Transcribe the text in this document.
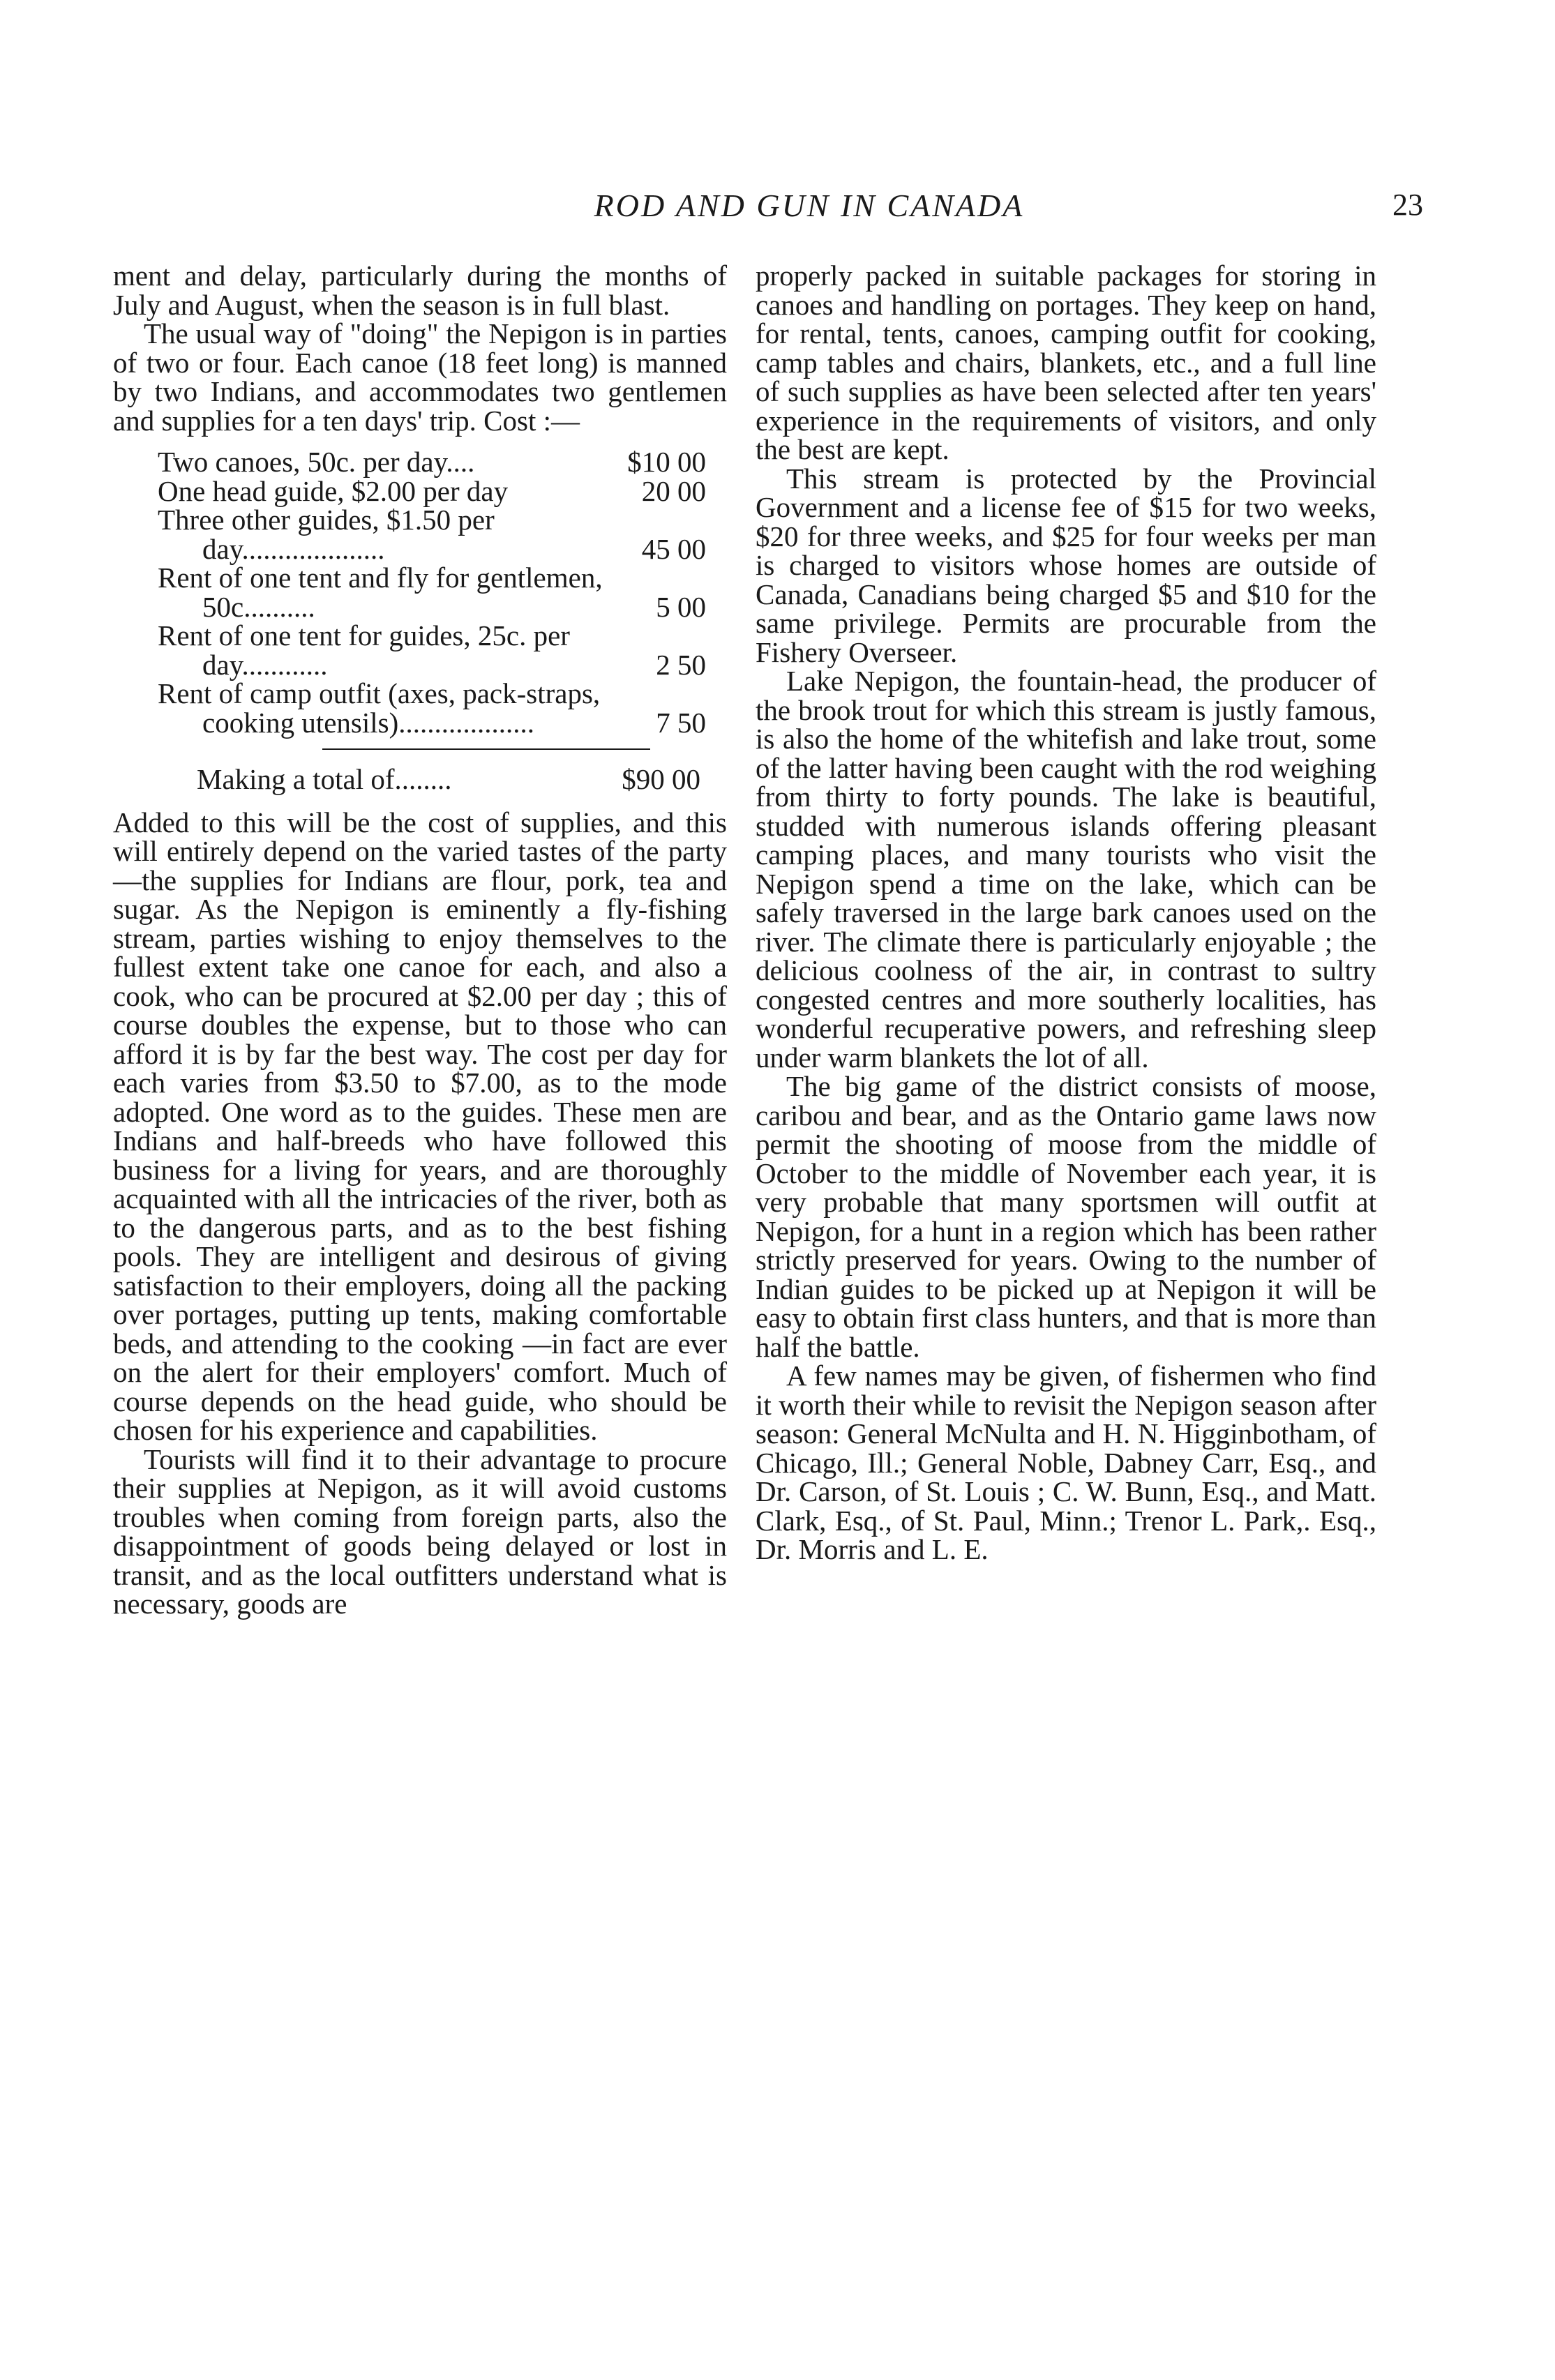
ROD AND GUN IN CANADA	23

ment and delay, particularly during the months of July and August, when the season is in full blast.

The usual way of "doing" the Nepigon is in parties of two or four. Each canoe (18 feet long) is manned by two Indians, and accommodates two gentlemen and supplies for a ten days' trip. Cost :—

Two canoes, 50c. per day....	$10 00
One head guide, $2.00 per day	20 00
Three other guides, $1.50 per day....................	45 00
Rent of one tent and fly for gentlemen, 50c..........	5 00
Rent of one tent for guides, 25c. per day............	2 50
Rent of camp outfit (axes, pack-straps, cooking utensils)...................	7 50
Making a total of........	$90 00

Added to this will be the cost of supplies, and this will entirely depend on the varied tastes of the party—the supplies for Indians are flour, pork, tea and sugar. As the Nepigon is eminently a fly-fishing stream, parties wishing to enjoy themselves to the fullest extent take one canoe for each, and also a cook, who can be procured at $2.00 per day ; this of course doubles the expense, but to those who can afford it is by far the best way. The cost per day for each varies from $3.50 to $7.00, as to the mode adopted. One word as to the guides. These men are Indians and half-breeds who have followed this business for a living for years, and are thoroughly acquainted with all the intricacies of the river, both as to the dangerous parts, and as to the best fishing pools. They are intelligent and desirous of giving satisfaction to their employers, doing all the packing over portages, putting up tents, making comfortable beds, and attending to the cooking —in fact are ever on the alert for their employers' comfort. Much of course depends on the head guide, who should be chosen for his experience and capabilities.

Tourists will find it to their advantage to procure their supplies at Nepigon, as it will avoid customs troubles when coming from foreign parts, also the disappointment of goods being delayed or lost in transit, and as the local outfitters understand what is necessary, goods are

properly packed in suitable packages for storing in canoes and handling on portages. They keep on hand, for rental, tents, canoes, camping outfit for cooking, camp tables and chairs, blankets, etc., and a full line of such supplies as have been selected after ten years' experience in the requirements of visitors, and only the best are kept.

This stream is protected by the Provincial Government and a license fee of $15 for two weeks, $20 for three weeks, and $25 for four weeks per man is charged to visitors whose homes are outside of Canada, Canadians being charged $5 and $10 for the same privilege. Permits are procurable from the Fishery Overseer.

Lake Nepigon, the fountain-head, the producer of the brook trout for which this stream is justly famous, is also the home of the whitefish and lake trout, some of the latter having been caught with the rod weighing from thirty to forty pounds. The lake is beautiful, studded with numerous islands offering pleasant camping places, and many tourists who visit the Nepigon spend a time on the lake, which can be safely traversed in the large bark canoes used on the river. The climate there is particularly enjoyable ; the delicious coolness of the air, in contrast to sultry congested centres and more southerly localities, has wonderful recuperative powers, and refreshing sleep under warm blankets the lot of all.

The big game of the district consists of moose, caribou and bear, and as the Ontario game laws now permit the shooting of moose from the middle of October to the middle of November each year, it is very probable that many sportsmen will outfit at Nepigon, for a hunt in a region which has been rather strictly preserved for years. Owing to the number of Indian guides to be picked up at Nepigon it will be easy to obtain first class hunters, and that is more than half the battle.

A few names may be given, of fishermen who find it worth their while to revisit the Nepigon season after season: General McNulta and H. N. Higginbotham, of Chicago, Ill.; General Noble, Dabney Carr, Esq., and Dr. Carson, of St. Louis ; C. W. Bunn, Esq., and Matt. Clark, Esq., of St. Paul, Minn.; Trenor L. Park,. Esq., Dr. Morris and L. E.
